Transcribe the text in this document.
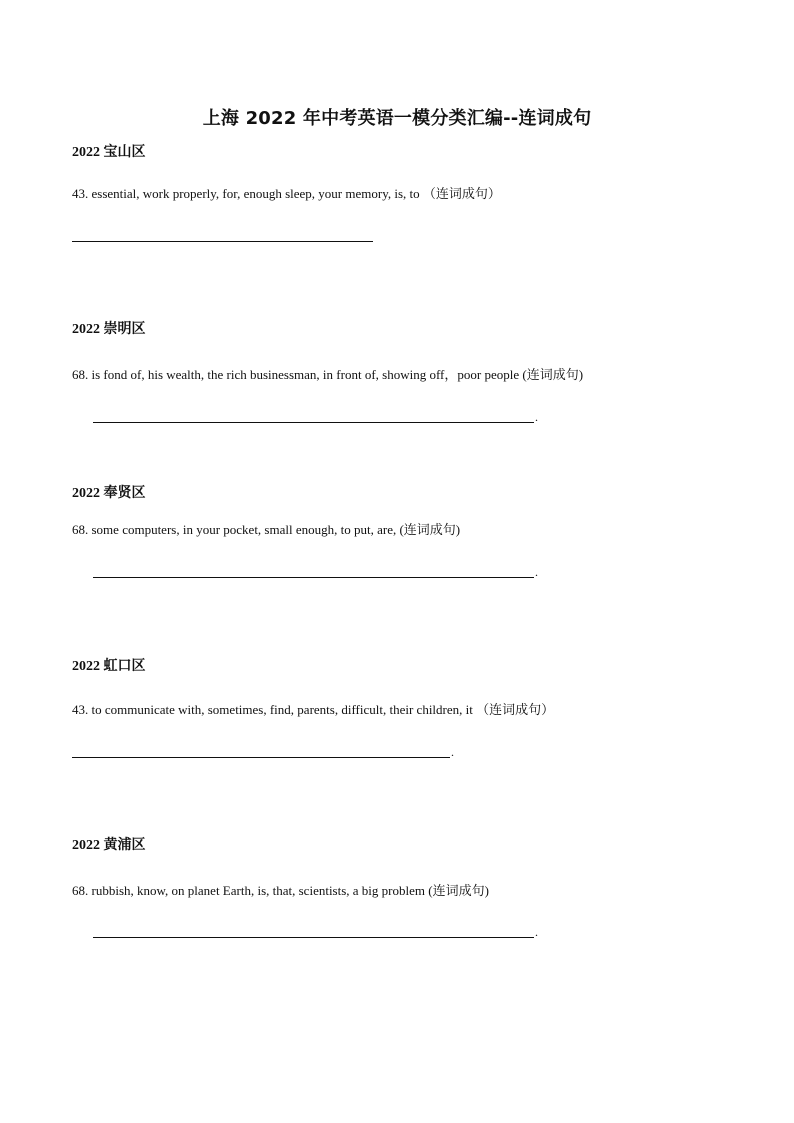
上海 2022 年中考英语一模分类汇编--连词成句
2022 宝山区
43. essential, work properly, for, enough sleep, your memory, is, to （连词成句）
2022 崇明区
68. is fond of, his wealth, the rich businessman, in front of, showing off，poor people (连词成句)
.
2022 奉贤区
68. some computers, in your pocket, small enough, to put, are, (连词成句)
.
2022 虹口区
43. to communicate with, sometimes, find, parents, difficult, their children, it （连词成句）
.
2022 黄浦区
68. rubbish, know, on planet Earth, is, that, scientists, a big problem (连词成句)
.
